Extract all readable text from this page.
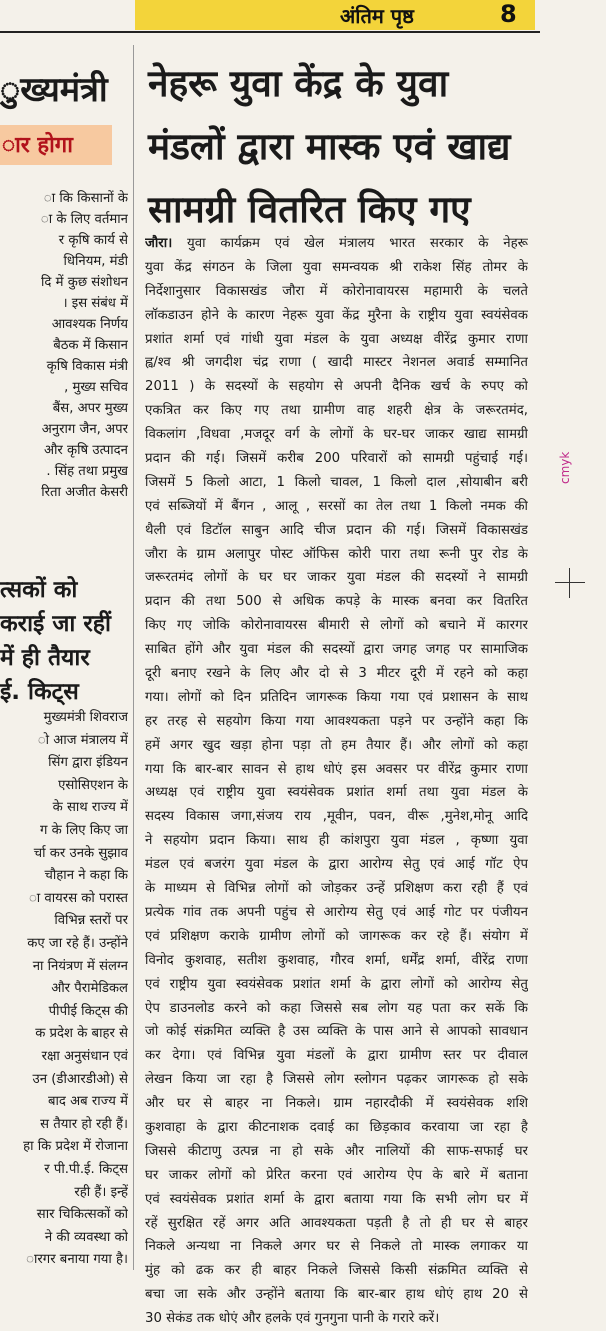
अंतिम पृष्ठ	8
ुख्यमंत्री
ार होगा
ा कि किसानों के
ा के लिए वर्तमान
र कृषि कार्य से
धिनियम, मंडी
दि में कुछ संशोधन
। इस संबंध में
आवश्यक निर्णय
बैठक में किसान
कृषि विकास मंत्री
, मुख्य सचिव
बैंस, अपर मुख्य
अनुराग जैन, अपर
और कृषि उत्पादन
. सिंह तथा प्रमुख
रिता अजीत केसरी
त्सकों को
कराई जा रहीं
में ही तैयार
ई. किट्स
मुख्यमंत्री शिवराज
ो आज मंत्रालय में
सिंग द्वारा इंडियन
एसोसिएशन के
के साथ राज्य में
ग के लिए किए जा
र्चा कर उनके सुझाव
चौहान ने कहा कि
ा वायरस को परास्त
विभिन्न स्तरों पर
कए जा रहे हैं। उन्होंने
ना नियंत्रण में संलग्न
और पैरामेडिकल
पीपीई किट्स की
क प्रदेश के बाहर से
रक्षा अनुसंधान एवं
उन (डीआरडीओ) से
बाद अब राज्य में
स तैयार हो रही हैं।
हा कि प्रदेश में रोजाना
र पी.पी.ई. किट्स
रही हैं। इन्हें
सार चिकित्सकों को
ने की व्यवस्था को
ारगर बनाया गया है।
नेहरू युवा केंद्र के युवा
मंडलों द्वारा मास्क एवं खाद्य
सामग्री वितरित किए गए
जौरा। युवा कार्यक्रम एवं खेल मंत्रालय भारत सरकार के नेहरू
युवा केंद्र संगठन के जिला युवा समन्वयक श्री राकेश सिंह तोमर के
निर्देशानुसार विकासखंड जौरा में कोरोनावायरस महामारी के चलते
लॉकडाउन होने के कारण नेहरू युवा केंद्र मुरैना के राष्ट्रीय युवा स्वयंसेवक
प्रशांत शर्मा एवं गांधी युवा मंडल के युवा अध्यक्ष वीरेंद्र कुमार राणा
ह्व/श्व श्री जगदीश चंद्र राणा ( खादी मास्टर नेशनल अवार्ड सम्मानित
2011 ) के सदस्यों के सहयोग से अपनी दैनिक खर्च के रुपए को
एकत्रित कर किए गए तथा ग्रामीण वाह शहरी क्षेत्र के जरूरतमंद,
विकलांग ,विधवा ,मजदूर वर्ग के लोगों के घर-घर जाकर खाद्य सामग्री
प्रदान की गई। जिसमें करीब 200 परिवारों को सामग्री पहुंचाई गई।
जिसमें 5 किलो आटा, 1 किलो चावल, 1 किलो दाल ,सोयाबीन बरी
एवं सब्जियों में बैंगन , आलू , सरसों का तेल तथा 1 किलो नमक की
थैली एवं डिटॉल साबुन आदि चीज प्रदान की गई। जिसमें विकासखंड
जौरा के ग्राम अलापुर पोस्ट ऑफिस कोरी पारा तथा रूनी पुर रोड के
जरूरतमंद लोगों के घर घर जाकर युवा मंडल की सदस्यों ने सामग्री
प्रदान की तथा 500 से अधिक कपड़े के मास्क बनवा कर वितरित
किए गए जोकि कोरोनावायरस बीमारी से लोगों को बचाने में कारगर
साबित होंगे और युवा मंडल की सदस्यों द्वारा जगह जगह पर सामाजिक
दूरी बनाए रखने के लिए और दो से 3 मीटर दूरी में रहने को कहा
गया। लोगों को दिन प्रतिदिन जागरूक किया गया एवं प्रशासन के साथ
हर तरह से सहयोग किया गया आवश्यकता पड़ने पर उन्होंने कहा कि
हमें अगर खुद खड़ा होना पड़ा तो हम तैयार हैं। और लोगों को कहा
गया कि बार-बार सावन से हाथ धोएं इस अवसर पर वीरेंद्र कुमार राणा
अध्यक्ष एवं राष्ट्रीय युवा स्वयंसेवक प्रशांत शर्मा तथा युवा मंडल के
सदस्य विकास जगा,संजय राय ,मूवीन, पवन, वीरू ,मुनेश,मोनू आदि
ने सहयोग प्रदान किया। साथ ही कांशपुरा युवा मंडल , कृष्णा युवा
मंडल एवं बजरंग युवा मंडल के द्वारा आरोग्य सेतु एवं आई गॉट ऐप
के माध्यम से विभिन्न लोगों को जोड़कर उन्हें प्रशिक्षण करा रही हैं एवं
प्रत्येक गांव तक अपनी पहुंच से आरोग्य सेतु एवं आई गोट पर पंजीयन
एवं प्रशिक्षण कराके ग्रामीण लोगों को जागरूक कर रहे हैं। संयोग में
विनोद कुशवाह, सतीश कुशवाह, गौरव शर्मा, धर्मेंद्र शर्मा, वीरेंद्र राणा
एवं राष्ट्रीय युवा स्वयंसेवक प्रशांत शर्मा के द्वारा लोगों को आरोग्य सेतु
ऐप डाउनलोड करने को कहा जिससे सब लोग यह पता कर सकें कि
जो कोई संक्रमित व्यक्ति है उस व्यक्ति के पास आने से आपको सावधान
कर देगा। एवं विभिन्न युवा मंडलों के द्वारा ग्रामीण स्तर पर दीवाल
लेखन किया जा रहा है जिससे लोग स्लोगन पढ़कर जागरूक हो सके
और घर से बाहर ना निकले। ग्राम नहारदौकी में स्वयंसेवक शशि
कुशवाहा के द्वारा कीटनाशक दवाई का छिड़काव करवाया जा रहा है
जिससे कीटाणु उत्पन्न ना हो सके और नालियों की साफ-सफाई घर
घर जाकर लोगों को प्रेरित करना एवं आरोग्य ऐप के बारे में बताना
एवं स्वयंसेवक प्रशांत शर्मा के द्वारा बताया गया कि सभी लोग घर में
रहें सुरक्षित रहें अगर अति आवश्यकता पड़ती है तो ही घर से बाहर
निकले अन्यथा ना निकले अगर घर से निकले तो मास्क लगाकर या
मुंह को ढक कर ही बाहर निकले जिससे किसी संक्रमित व्यक्ति से
बचा जा सके और उन्होंने बताया कि बार-बार हाथ धोएं हाथ 20 से
30 सेकंड तक धोएं और हलके एवं गुनगुना पानी के गरारे करें।
cmyk
